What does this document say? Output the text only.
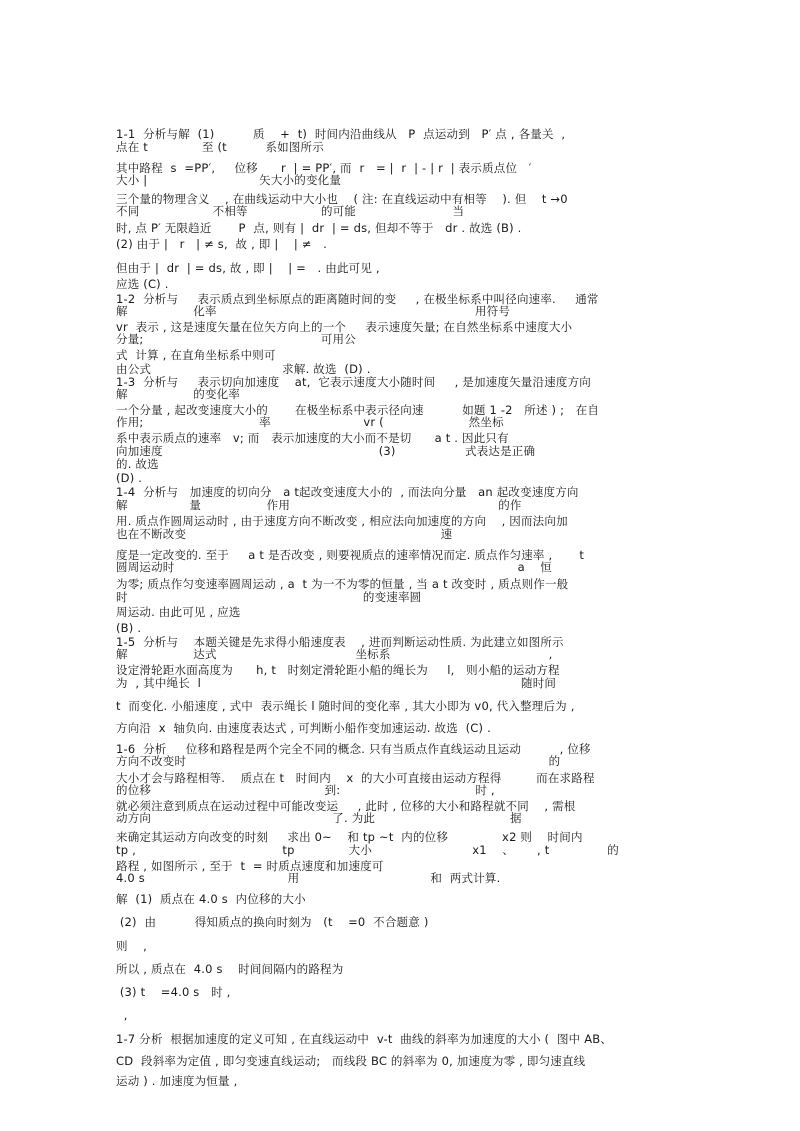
1-1  分析与解  (1)          质    +  t)  时间内沿曲线从   P  点运动到   P′ 点 , 各量关  ,
点在 t              至 (t          系如图所示
其中路程  s  =PP′,     位移      r  | = PP′, 而  r   = |  r  | - | r  | 表示质点位   ′
大小 |                             矢大小的变化量
三个量的物理含义    , 在曲线运动中大小也    ( 注: 在直线运动中有相等    ). 但    t →0
不同                   不相等                   的可能                         当
时, 点 P′ 无限趋近       P  点, 则有 |  dr  | = ds, 但却不等于   dr . 故选 (B) .
(2) 由于 |   r   | ≠ s,  故 , 即 |    | ≠   .
但由于 |  dr  | = ds, 故 , 即 |    | =   . 由此可见 ,
应选 (C) .
1-2  分析与     表示质点到坐标原点的距离随时间的变     , 在极坐标系中叫径向速率.     通常
解                 化率                                                                   用符号
vr  表示 , 这是速度矢量在位矢方向上的一个     表示速度矢量; 在自然坐标系中速度大小
分量;                                              可用公
式  计算 , 在直角坐标系中则可
由公式                                  求解. 故选  (D) .
1-3  分析与     表示切向加速度    at,  它表示速度大小随时间     , 是加速度矢量沿速度方向
解                 的变化率
一个分量 , 起改变速度大小的       在极坐标系中表示径向速          如题 1 -2   所述 ) ;   在自
作用;                              率                        vr (                      然坐标
系中表示质点的速率   v; 而   表示加速度的大小而不是切      a t . 因此只有
向加速度                                                        (3)                  式表达是正确
的. 故选
(D) .
1-4  分析与   加速度的切向分   a t起改变速度大小的  , 而法向分量   an 起改变速度方向
解                量                 作用                                                      的作
用. 质点作圆周运动时 , 由于速度方向不断改变 , 相应法向加速度的方向    , 因而法向加
也在不断改变                                                                  速
度是一定改变的. 至于     a t 是否改变 , 则要视质点的速率情况而定. 质点作匀速率 ,       t
圆周运动时                                                                                         a    恒
为零; 质点作匀变速率圆周运动 , a  t 为一不为零的恒量 , 当 a t 改变时 , 质点则作一般
时                                                             的变速率圆
周运动. 由此可见 , 应选
(B) .
1-5  分析与    本题关键是先求得小船速度表    , 进而判断运动性质. 为此建立如图所示
解                 达式                                    坐标系                                         ,
设定滑轮距水面高度为      h, t   时刻定滑轮距小船的绳长为     l,   则小船的运动方程
为  , 其中绳长  l                                                                                   随时间
t  而变化. 小船速度 , 式中  表示绳长 l 随时间的变化率 , 其大小即为 v0, 代入整理后为 ,
方向沿  x  轴负向. 由速度表达式 , 可判断小船作变加速运动. 故选  (C) .
1-6  分析     位移和路程是两个完全不同的概念. 只有当质点作直线运动且运动          , 位移
方向不改变时                                                                                              的
大小才会与路程相等.    质点在 t   时间内    x  的大小可直接由运动方程得         而在求路程
的位移                                             到:                                   时 ,
就必须注意到质点在运动过程中可能改变运     , 此时 , 位移的大小和路程就不同    , 需根
动方向                                               了. 为此                                   据
来确定其运动方向改变的时刻     求出 0~    和 tp ~t  内的位移              x2 则    时间内
tp ,                                      tp              大小                          x1    、      , t               的
路程 , 如图所示 , 至于  t  = 时质点速度和加速度可
4.0 s                                     用                                  和  两式计算.
解  (1)  质点在 4.0 s  内位移的大小
(2)  由          得知质点的换向时刻为   (t    =0  不合题意 )
则    ,
所以 , 质点在  4.0 s    时间间隔内的路程为
(3) t    =4.0 s   时 ,
,
1-7 分析  根据加速度的定义可知 , 在直线运动中  v-t  曲线的斜率为加速度的大小 (  图中 AB、
CD  段斜率为定值 , 即匀变速直线运动;   而线段 BC 的斜率为 0, 加速度为零 , 即匀速直线
运动 ) . 加速度为恒量 ,
